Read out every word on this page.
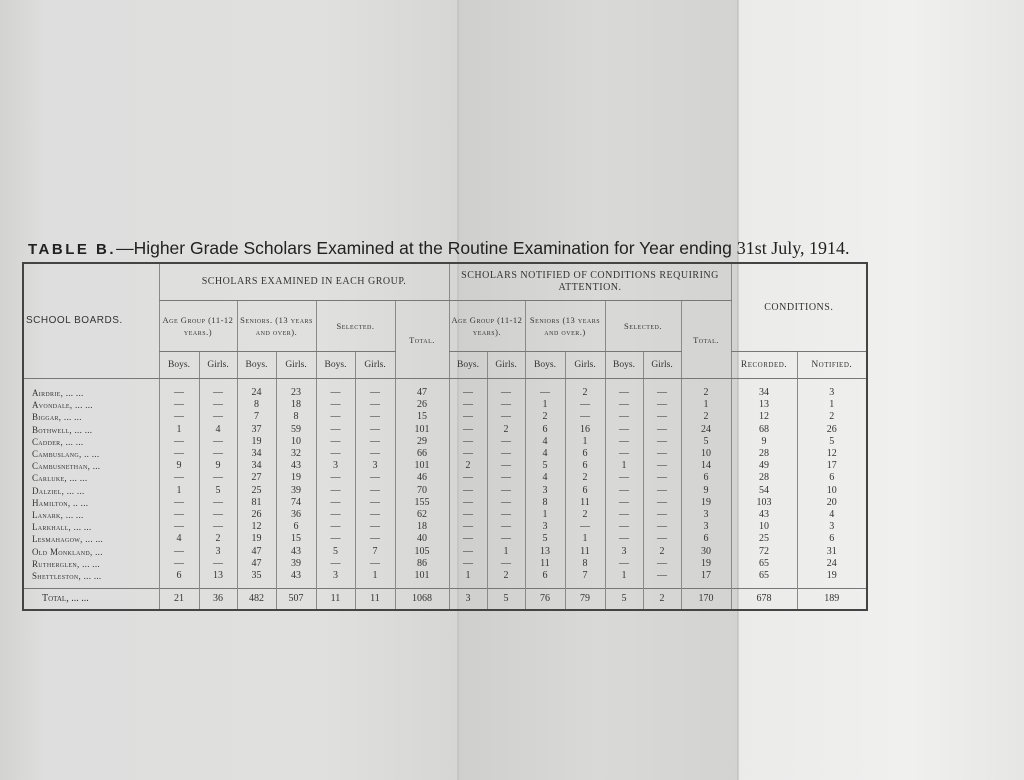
TABLE B.—Higher Grade Scholars Examined at the Routine Examination for Year ending 31st July, 1914.
SCHOOL BOARDS.	SCHOLARS EXAMINED IN EACH GROUP.							SCHOLARS NOTIFIED OF CONDITIONS REQUIRING ATTENTION.							CONDITIONS.	
	Age Group (11-12 years.)		Seniors. (13 years and over).		Selected.		Total.	Age Group (11-12 years).		Seniors (13 years and over.)		Selected.		Total.		
	Boys.	Girls.	Boys.	Girls.	Boys.	Girls.		Boys.	Girls.	Boys.	Girls.	Boys.	Girls.		Recorded.	Notified.
Airdrie, ... ...	—	—	24	23	—	—	47	—	—	—	2	—	—	2	34	3
Avondale, ... ...	—	—	8	18	—	—	26	—	—	1	—	—	—	1	13	1
Biggar, ... ...	—	—	7	8	—	—	15	—	—	2	—	—	—	2	12	2
Bothwell, ... ...	1	4	37	59	—	—	101	—	2	6	16	—	—	24	68	26
Cadder, ... ...	—	—	19	10	—	—	29	—	—	4	1	—	—	5	9	5
Cambuslang, .. ...	—	—	34	32	—	—	66	—	—	4	6	—	—	10	28	12
Cambusnethan, ...	9	9	34	43	3	3	101	2	—	5	6	1	—	14	49	17
Carluke, ... ...	—	—	27	19	—	—	46	—	—	4	2	—	—	6	28	6
Dalziel, ... ...	1	5	25	39	—	—	70	—	—	3	6	—	—	9	54	10
Hamilton, .. ...	—	—	81	74	—	—	155	—	—	8	11	—	—	19	103	20
Lanark, ... ...	—	—	26	36	—	—	62	—	—	1	2	—	—	3	43	4
Larkhall, ... ...	—	—	12	6	—	—	18	—	—	3	—	—	—	3	10	3
Lesmahagow, ... ...	4	2	19	15	—	—	40	—	—	5	1	—	—	6	25	6
Old Monkland, ...	—	3	47	43	5	7	105	—	1	13	11	3	2	30	72	31
Rutherglen, ... ...	—	—	47	39	—	—	86	—	—	11	8	—	—	19	65	24
Shettleston, ... ...	6	13	35	43	3	1	101	1	2	6	7	1	—	17	65	19
Total, ... ...	21	36	482	507	11	11	1068	3	5	76	79	5	2	170	678	189
